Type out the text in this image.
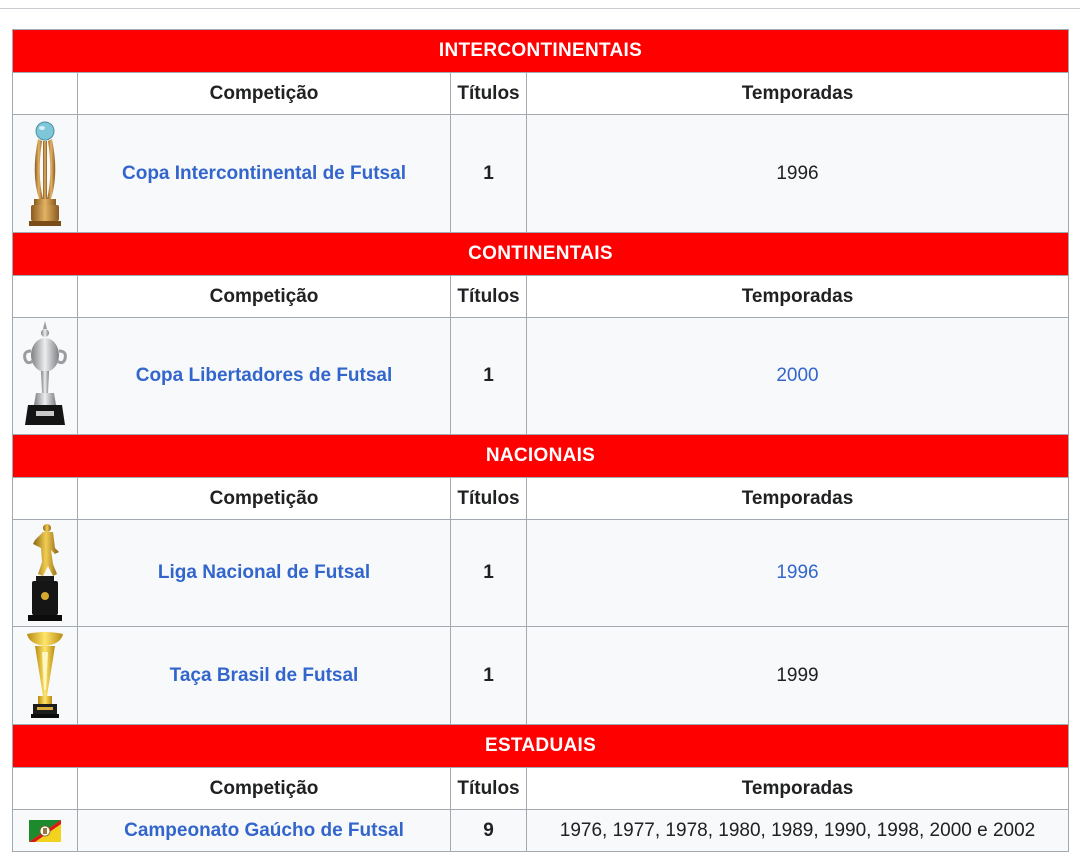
INTERCONTINENTAIS			
	Competição	Títulos	Temporadas

	Copa Intercontinental de Futsal	1	1996
CONTINENTAIS			
	Competição	Títulos	Temporadas

	Copa Libertadores de Futsal	1	2000
NACIONAIS			
	Competição	Títulos	Temporadas

	Liga Nacional de Futsal	1	1996

	Taça Brasil de Futsal	1	1999
ESTADUAIS			
	Competição	Títulos	Temporadas

	Campeonato Gaúcho de Futsal	9	1976, 1977, 1978, 1980, 1989, 1990, 1998, 2000 e 2002
